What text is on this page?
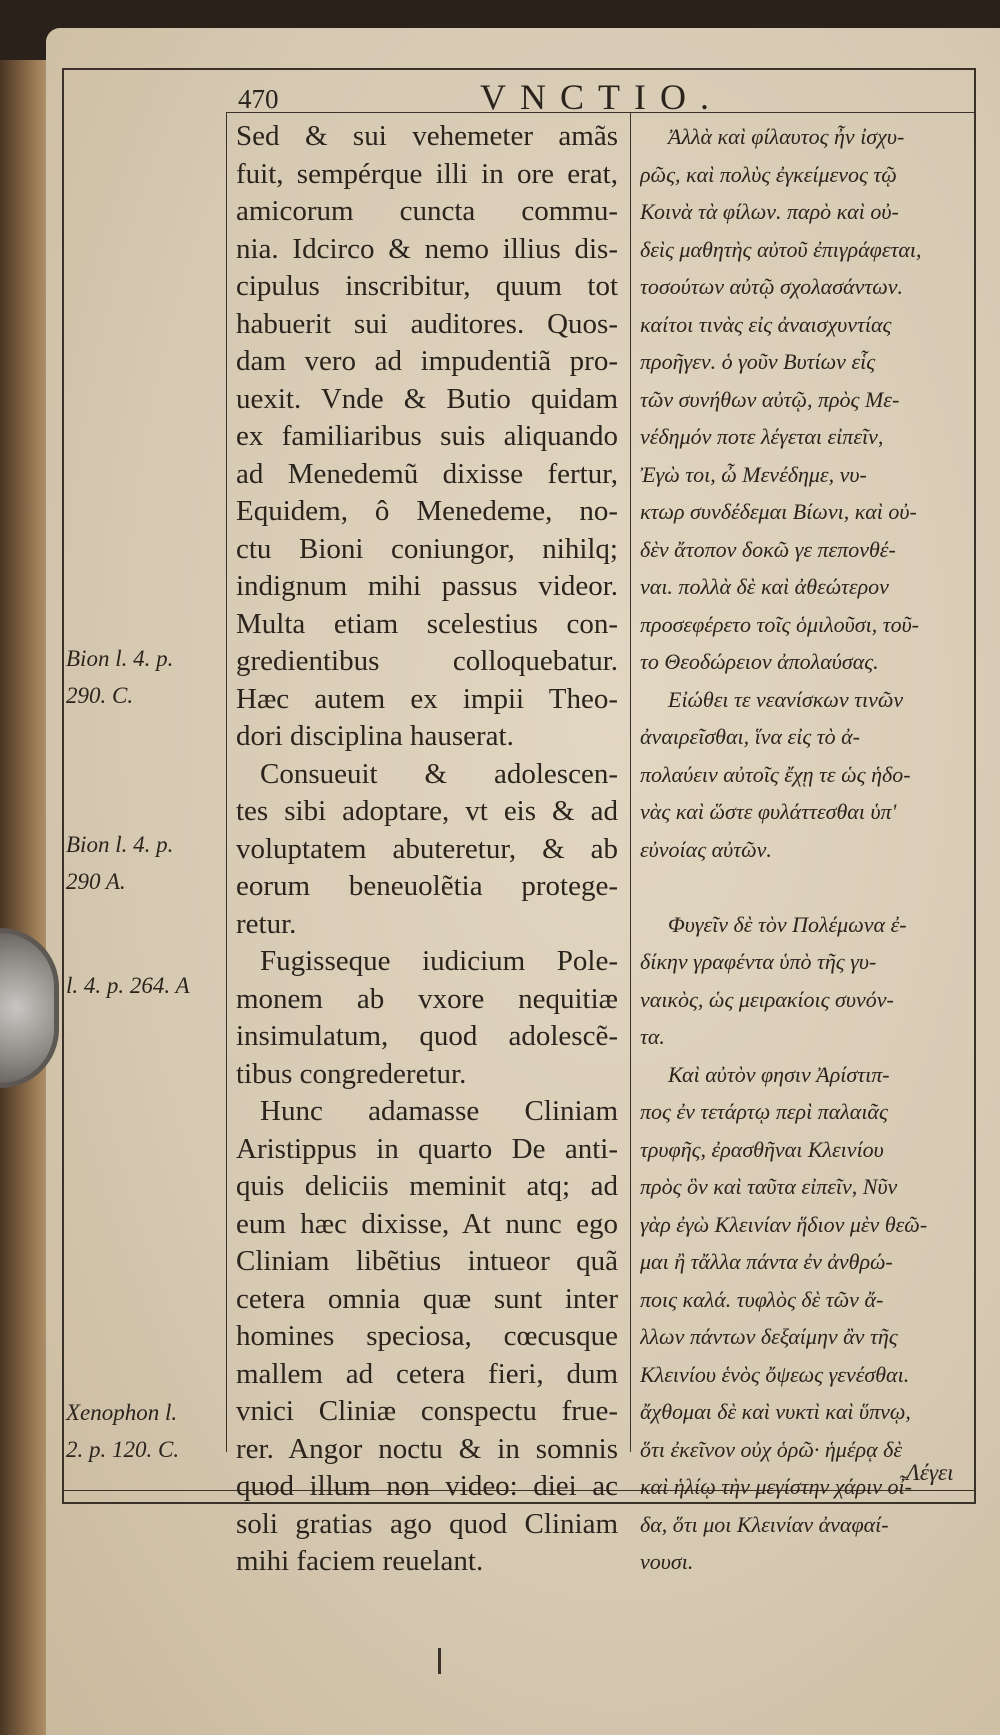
470	VNCTIO.

Sed & sui vehemeter amãs

fuit, sempérque illi in ore erat,

amicorum cuncta commu-

nia. Idcirco & nemo illius dis-

cipulus inscribitur, quum tot

habuerit sui auditores. Quos-

dam vero ad impudentiã pro-

uexit. Vnde & Butio quidam

ex familiaribus suis aliquando

ad Menedemũ dixisse fertur,

Equidem, ô Menedeme, no-

ctu Bioni coniungor, nihilq;

indignum mihi passus videor.

Multa etiam scelestius con-

gredientibus colloquebatur.

Hæc autem ex impii Theo-

dori disciplina hauserat.

Consueuit & adolescen-

tes sibi adoptare, vt eis & ad

voluptatem abuteretur, & ab

eorum beneuolẽtia protege-

retur.

Fugisseque iudicium Pole-

monem ab vxore nequitiæ

insimulatum, quod adolescẽ-

tibus congrederetur.

Hunc adamasse Cliniam

Aristippus in quarto De anti-

quis deliciis meminit atq; ad

eum hæc dixisse, At nunc ego

Cliniam libẽtius intueor quã

cetera omnia quæ sunt inter

homines speciosa, cœcusque

mallem ad cetera fieri, dum

vnici Cliniæ conspectu frue-

rer. Angor noctu & in somnis

quod illum non video: diei ac

soli gratias ago quod Cliniam

mihi faciem reuelant.

Ἀλλὰ καὶ φίλαυτος ἦν ἰσχυ-

ρῶς, καὶ πολὺς ἐγκείμενος τῷ

Κοινὰ τὰ φίλων. παρὸ καὶ οὐ-

δεὶς μαθητὴς αὐτοῦ ἐπιγράφεται,

τοσούτων αὐτῷ σχολασάντων.

καίτοι τινὰς εἰς ἀναισχυντίας

προῆγεν. ὁ γοῦν Βυτίων εἷς

τῶν συνήθων αὐτῷ, πρὸς Με-

νέδημόν ποτε λέγεται εἰπεῖν,

Ἐγὼ τοι, ὦ Μενέδημε, νυ-

κτωρ συνδέδεμαι Βίωνι, καὶ οὐ-

δὲν ἄτοπον δοκῶ γε πεπονθέ-

ναι. πολλὰ δὲ καὶ ἀθεώτερον

προσεφέρετο τοῖς ὁμιλοῦσι, τοῦ-

το Θεοδώρειον ἀπολαύσας.

Εἰώθει τε νεανίσκων τινῶν

ἀναιρεῖσθαι, ἵνα εἰς τὸ ἀ-

πολαύειν αὐτοῖς ἔχῃ τε ὡς ἡδο-

νὰς καὶ ὥστε φυλάττεσθαι ὑπ'

εὐνοίας αὐτῶν.

Φυγεῖν δὲ τὸν Πολέμωνα ἐ-

δίκην γραφέντα ὑπὸ τῆς γυ-

ναικὸς, ὡς μειρακίοις συνόν-

τα.

Καὶ αὐτὸν φησιν Ἀρίστιπ-

πος ἐν τετάρτῳ περὶ παλαιᾶς

τρυφῆς, ἐρασθῆναι Κλεινίου

πρὸς ὃν καὶ ταῦτα εἰπεῖν, Νῦν

γὰρ ἐγὼ Κλεινίαν ἥδιον μὲν θεῶ-

μαι ἢ τἄλλα πάντα ἐν ἀνθρώ-

ποις καλά. τυφλὸς δὲ τῶν ἄ-

λλων πάντων δεξαίμην ἂν τῆς

Κλεινίου ἑνὸς ὄψεως γενέσθαι.

ἄχθομαι δὲ καὶ νυκτὶ καὶ ὕπνῳ,

ὅτι ἐκεῖνον οὐχ ὁρῶ· ἡμέρᾳ δὲ

καὶ ἡλίῳ τὴν μεγίστην χάριν οἶ-

δα, ὅτι μοι Κλεινίαν ἀναφαί-

νουσι.

Bion l. 4. p.
290. C.
Bion l. 4. p.
290 A.
l. 4. p. 264. A
Xenophon l.
2. p. 120. C.
Λέγει
